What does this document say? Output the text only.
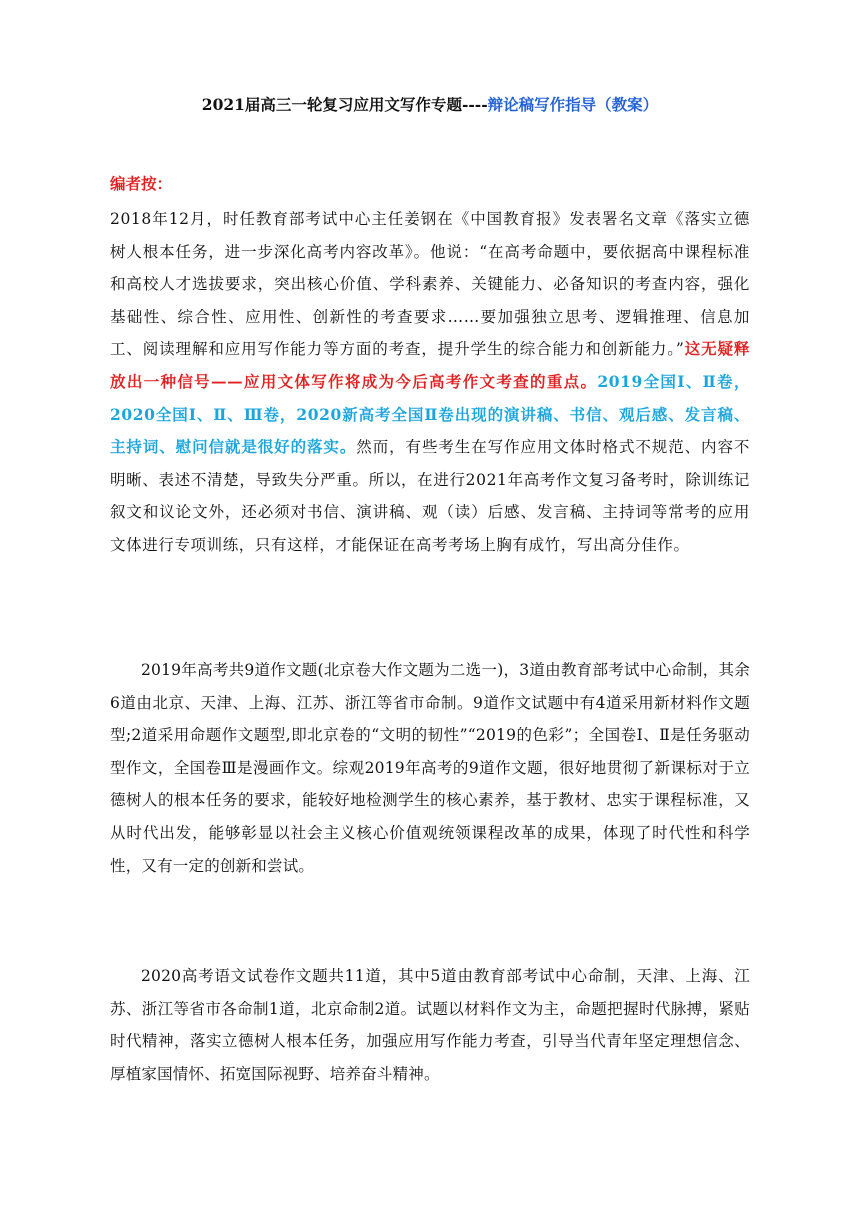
2021届高三一轮复习应用文写作专题----辩论稿写作指导（教案）
编者按：
2018年12月，时任教育部考试中心主任姜钢在《中国教育报》发表署名文章《落实立德树人根本任务，进一步深化高考内容改革》。他说：“在高考命题中，要依据高中课程标准和高校人才选拔要求，突出核心价值、学科素养、关键能力、必备知识的考查内容，强化基础性、综合性、应用性、创新性的考查要求……要加强独立思考、逻辑推理、信息加工、阅读理解和应用写作能力等方面的考查，提升学生的综合能力和创新能力。”这无疑释放出一种信号——应用文体写作将成为今后高考作文考查的重点。2019全国Ⅰ、Ⅱ卷，2020全国Ⅰ、Ⅱ、Ⅲ卷，2020新高考全国Ⅱ卷出现的演讲稿、书信、观后感、发言稿、主持词、慰问信就是很好的落实。然而，有些考生在写作应用文体时格式不规范、内容不明晰、表述不清楚，导致失分严重。所以，在进行2021年高考作文复习备考时，除训练记叙文和议论文外，还必须对书信、演讲稿、观（读）后感、发言稿、主持词等常考的应用文体进行专项训练，只有这样，才能保证在高考考场上胸有成竹，写出高分佳作。
2019年高考共9道作文题(北京卷大作文题为二选一)，3道由教育部考试中心命制，其余6道由北京、天津、上海、江苏、浙江等省市命制。9道作文试题中有4道采用新材料作文题型;2道采用命题作文题型,即北京卷的“文明的韧性”“2019的色彩”；全国卷Ⅰ、Ⅱ是任务驱动型作文，全国卷Ⅲ是漫画作文。综观2019年高考的9道作文题，很好地贯彻了新课标对于立德树人的根本任务的要求，能较好地检测学生的核心素养，基于教材、忠实于课程标准，又从时代出发，能够彰显以社会主义核心价值观统领课程改革的成果，体现了时代性和科学性，又有一定的创新和尝试。
2020高考语文试卷作文题共11道，其中5道由教育部考试中心命制，天津、上海、江苏、浙江等省市各命制1道，北京命制2道。试题以材料作文为主，命题把握时代脉搏，紧贴时代精神，落实立德树人根本任务，加强应用写作能力考查，引导当代青年坚定理想信念、厚植家国情怀、拓宽国际视野、培养奋斗精神。
